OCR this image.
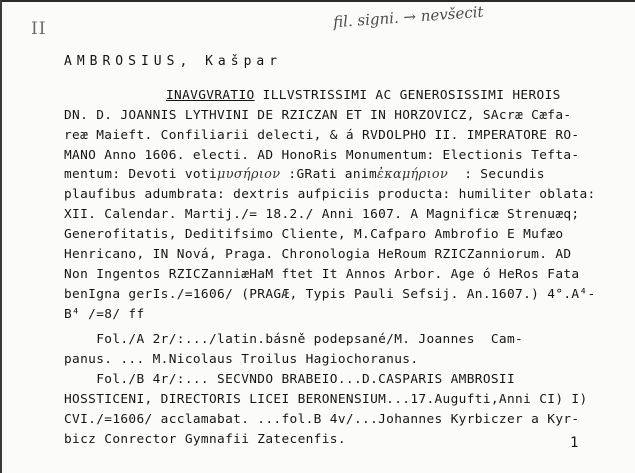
II	fil. signi. → nevšecit
AMBROSIUS, Kašpar
INAVGVRATIO ILLVSTRISSIMI AC GENEROSISSIMI HEROIS
DN. D. JOANNIS LYTHVINI DE RZICZAN ET IN HORZOVICZ, SAcræ Cæfa-
reæ Maieft. Confiliarii delecti, & á RVDOLPHO II. IMPERATORE RO-
MANO Anno 1606. electi. AD HonoRis Monumentum: Electionis Tefta-
mentum: Devoti votiμυσήριον :GRati animἐκαμήριον  : Secundis
plaufibus adumbrata: dextris aufpiciis producta: humiliter oblata:
XII. Calendar. Martij./= 18.2./ Anni 1607. A Magnificæ Strenuæq;
Generofitatis, Deditifsimo Cliente, M.Cafparo Ambrofio E Mufæo
Henricano, IN Nová, Praga. Chronologia HeRoum RZICZanniorum. AD
Non Ingentos RZICZanniæHaM ftet It Annos Arbor. Age ó HeRos Fata
benIgna gerIs./=1606/ (PRAGÆ, Typis Pauli Sefsij. An.1607.) 4°.A⁴-
B⁴ /=8/ ff
Fol./A 2r/:.../latin.básně podepsané/M. Joannes  Cam-
panus. ... M.Nicolaus Troilus Hagiochoranus.
Fol./B 4r/:... SECVNDO BRABEIO...D.CASPARIS AMBROSII
HOSSTICENI, DIRECTORIS LICEI BERONENSIUM...17.Augufti,Anni CI) I)
CVI./=1606/ acclamabat. ...fol.B 4v/...Johannes Kyrbiczer a Kyr-
bicz Conrector Gymnafii Zatecenfis.	1
